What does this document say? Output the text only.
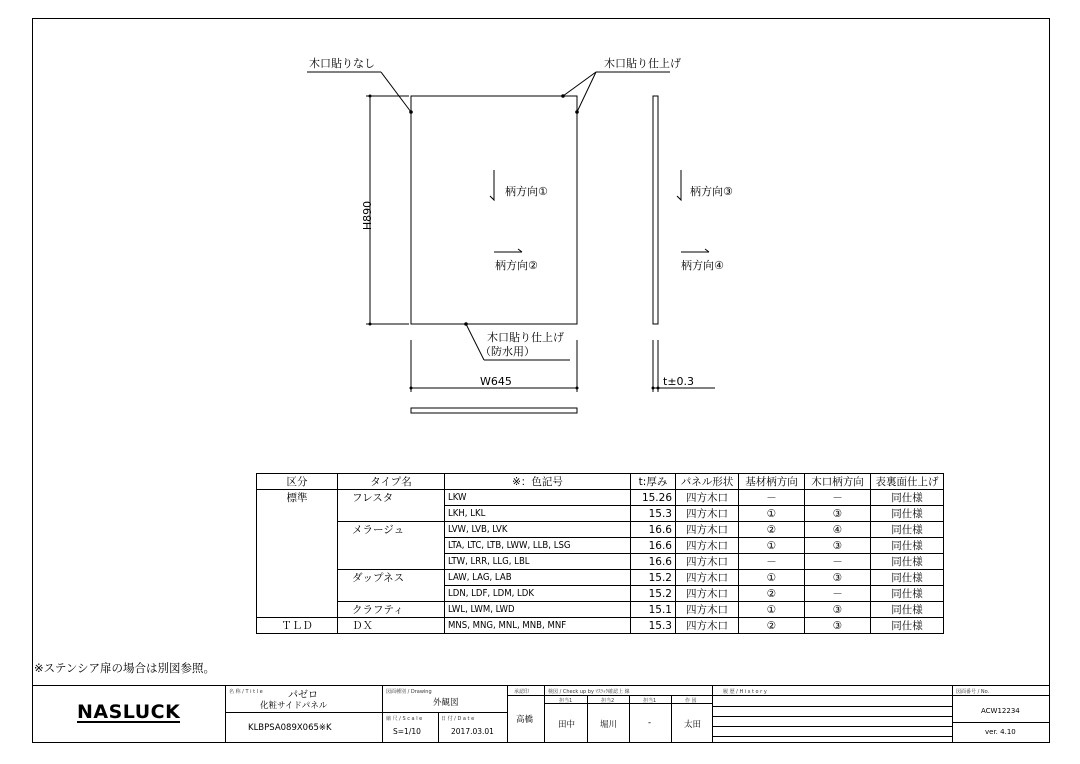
木口貼りなし	木口貼り仕上げ
H890
柄方向①
柄方向②
柄方向③
柄方向④
木口貼り仕上げ
（防水用）
W645	t±0.3
区分	タイプ名	※：色記号	t:厚み	パネル形状	基材柄方向	木口柄方向	表裏面仕上げ
標準	フレスタ	LKW	15.26	四方木口	－	－	同仕様
		LKH, LKL	15.3	四方木口	①	③	同仕様
	メラージュ	LVW, LVB, LVK	16.6	四方木口	②	④	同仕様
		LTA, LTC, LTB, LWW, LLB, LSG	16.6	四方木口	①	③	同仕様
		LTW, LRR, LLG, LBL	16.6	四方木口	－	－	同仕様
	ダップネス	LAW, LAG, LAB	15.2	四方木口	①	③	同仕様
		LDN, LDF, LDM, LDK	15.2	四方木口	②	－	同仕様
	クラフティ	LWL, LWM, LWD	15.1	四方木口	①	③	同仕様
ＴＬＤ	ＤＸ	MNS, MNG, MNL, MNB, MNF	15.3	四方木口	②	③	同仕様
※ステンシア扉の場合は別図参照。
NASLUCK
名 称 / T i t l e	パゼロ
化粧サイドパネル
KLBPSA089X065※K
図面種別 / Drawing
外観図
縮 尺 / S c a l e
S=1/10
日 付 / D a t e
2017.03.01
承認印
高橋
検図 / Check up by ﾏｽﾗｯｸ確認上 線
担当1	担当2	担当1	作 図
田中	堀川	-	太田
履 歴 / H i s t o r y	図面番号 / No.
ACW12234
ver. 4.10
